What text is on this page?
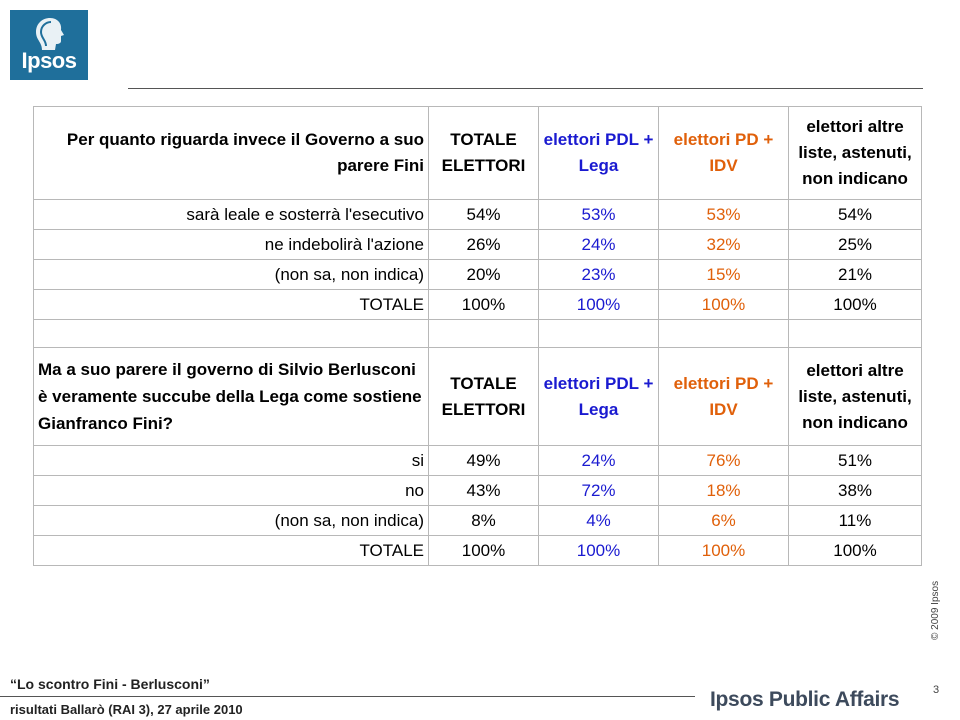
Ipsos
Per quanto riguarda invece il Governo a suo parere Fini	TOTALE ELETTORI	elettori PDL + Lega	elettori PD + IDV	elettori altre liste, astenuti, non indicano
sarà leale e sosterrà l'esecutivo	54%	53%	53%	54%
ne indebolirà l'azione	26%	24%	32%	25%
(non sa, non indica)	20%	23%	15%	21%
TOTALE	100%	100%	100%	100%

Ma a suo parere il governo di Silvio Berlusconi è veramente succube della Lega come sostiene Gianfranco Fini?	TOTALE ELETTORI	elettori PDL + Lega	elettori PD + IDV	elettori altre liste, astenuti, non indicano
si	49%	24%	76%	51%
no	43%	72%	18%	38%
(non sa, non indica)	8%	4%	6%	11%
TOTALE	100%	100%	100%	100%
© 2009 Ipsos
“Lo scontro Fini - Berlusconi”
risultati Ballarò (RAI 3), 27 aprile 2010
3
Ipsos Public Affairs
